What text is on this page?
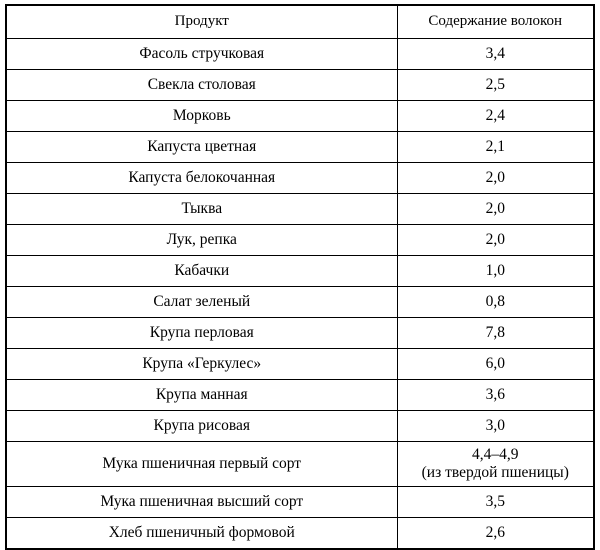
Продукт	Содержание волокон
Фасоль стручковая	3,4
Свекла столовая	2,5
Морковь	2,4
Капуста цветная	2,1
Капуста белокочанная	2,0
Тыква	2,0
Лук, репка	2,0
Кабачки	1,0
Салат зеленый	0,8
Крупа перловая	7,8
Крупа «Геркулес»	6,0
Крупа манная	3,6
Крупа рисовая	3,0
Мука пшеничная первый сорт	4,4–4,9
(из твердой пшеницы)

Мука пшеничная высший сорт	3,5
Хлеб пшеничный формовой	2,6
